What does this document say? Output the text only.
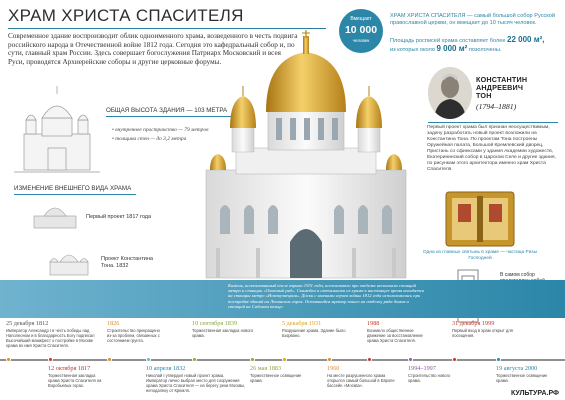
ХРАМ ХРИСТА СПАСИТЕЛЯ
Современное здание воспроизводит облик одноименного храма, возведенного в честь подвига российского народа в Отечественной войне 1812 года. Сегодня это кафедральный собор и, по сути, главный храм России. Здесь совершает богослужения Патриарх Московский и всея Руси, проводятся Архиерейские соборы и другие церковные форумы.
Вмещает
10 000
человек
ХРАМ ХРИСТА СПАСИТЕЛЯ — самый большой собор Русской православной церкви, он вмещает до 10 тысяч человек.
Площадь росписей храма составляет более 22 000 м²,
из которых около 9 000 м² позолочены.
ОБЩАЯ ВЫСОТА ЗДАНИЯ — 103 МЕТРА
• внутреннее пространство — 79 метров
• толщина стен — до 3,2 метра
ИЗМЕНЕНИЕ ВНЕШНЕГО ВИДА ХРАМА
Первый проект 1817 года
Проект Константина Тона. 1832
КОНСТАНТИН
АНДРЕЕВИЧ
ТОН
(1794–1881)
Первый проект храма был признан неосуществимым, задачу разработать новый проект возложили на Константина Тона. По проектам Тона построены Оружейная палата, Большой Кремлевский дворец, Пристань со сфинксами у здания Академии художеств, Екатерининский собор в Царском Селе и другие здания, по рисункам этого архитектора именно храм Христа Спасителя.
Одна из главных святынь в храме — частица Ризы Господней
В самом собор
Камень, использованный после взрыва 1931 года, использовали при отделке нескольких станций метро и станции «Охотный ряд». Скамейки и светильники из храма в настоящее время находятся на станции метро «Новокузнецкая». Доски с именами героев войны 1812 года использовались при постройке зданий на Ленинских горах. Оставшийся мрамор пошел на отделку ряда домов и станций на Садовом кольце.
25 декабря 1812
Император Александр I в честь победы над Наполеоном и в благодарность Богу подписал Высочайший манифест о постройке в Москве храма во имя Христа Спасителя.
1826
Строительство прекращено из-за проблем, связанных с состоянием грунта.
10 сентября 1839
Торжественная закладка нового храма.
5 декабря 1931
Разрушение храма. Здание было взорвано.
1988
Возникло общественное движение за восстановление храма Христа Спасителя.
31 декабря 1999
Первый вход в храм открыт для посещения.
12 октября 1817
Торжественная закладка храма Христа Спасителя на Воробьевых горах.
10 апреля 1832
Николай I утвердил новый проект храма. Император лично выбрал место для сооружения храма Христа Спасителя — на берегу реки Москвы, неподалеку от Кремля.
26 мая 1883
Торжественное освящение храма.
1960
На месте разрушенного храма открылся самый большой в Европе бассейн «Москва».
1994–1997
Строительство нового храма.
19 августа 2000
Торжественное освящение храма.
КУЛЬТУРА.РФ
